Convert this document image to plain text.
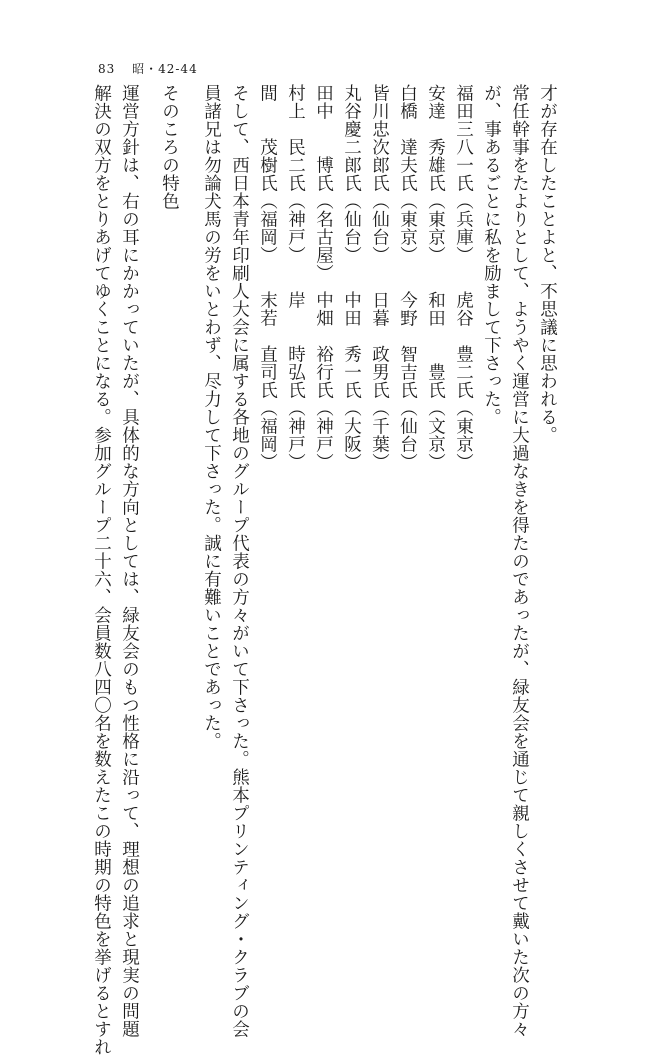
83 昭・42-44
才が存在したことよと、不思議に思われる。
常任幹事をたよりとして、ようやく運営に大過なきを得たのであったが、緑友会を通じて親しくさせて戴いた次の方々
が、事あるごとに私を励まして下さった。
福田三八一氏（兵庫）　　虎谷　豊二氏（東京）
安達　秀雄氏（東京）　　和田　　豊氏（文京）
白橋　達夫氏（東京）　　今野　智吉氏（仙台）
皆川忠次郎氏（仙台）　　日暮　政男氏（千葉）
丸谷慶二郎氏（仙台）　　中田　秀一氏（大阪）
田中　　博氏（名古屋）　中畑　裕行氏（神戸）
村上　民二氏（神戸）　　岸　　時弘氏（神戸）
間　　茂樹氏（福岡）　　末若　直司氏（福岡）
そして、西日本青年印刷人大会に属する各地のグループ代表の方々がいて下さった。熊本プリンティング・クラブの会
員諸兄は勿論犬馬の労をいとわず、尽力して下さった。誠に有難いことであった。
そのころの特色
運営方針は、右の耳にかかっていたが、具体的な方向としては、緑友会のもつ性格に沿って、理想の追求と現実の問題
解決の双方をとりあげてゆくことになる。参加グループ二十六、会員数八四〇名を数えたこの時期の特色を挙げるとすれ
